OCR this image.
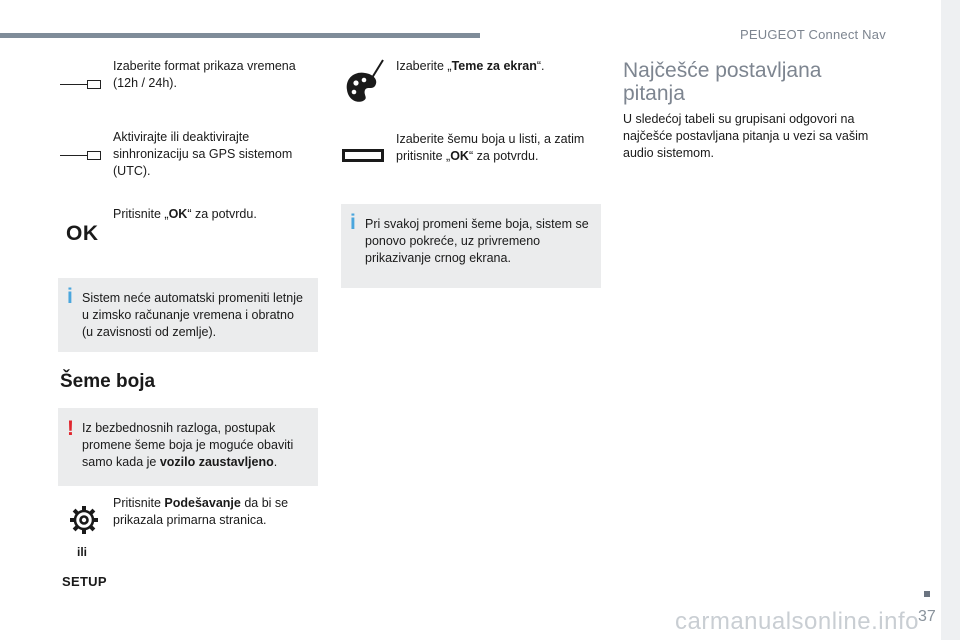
PEUGEOT Connect Nav
37
carmanualsonline.info
Izaberite format prikaza vremena (12h / 24h).
Aktivirajte ili deaktivirajte sinhronizaciju sa GPS sistemom (UTC).
OK
Pritisnite „OK“ za potvrdu.
i Sistem neće automatski promeniti letnje u zimsko računanje vremena i obratno (u zavisnosti od zemlje).
Šeme boja
! Iz bezbednosnih razloga, postupak promene šeme boja je moguće obaviti samo kada je vozilo zaustavljeno.
Pritisnite Podešavanje da bi se prikazala primarna stranica.
ili
SETUP
Izaberite „Teme za ekran“.
Izaberite šemu boja u listi, a zatim pritisnite „OK“ za potvrdu.
i Pri svakoj promeni šeme boja, sistem se ponovo pokreće, uz privremeno prikazivanje crnog ekrana.
Najčešće postavljana pitanja
U sledećoj tabeli su grupisani odgovori na najčešće postavljana pitanja u vezi sa vašim audio sistemom.
